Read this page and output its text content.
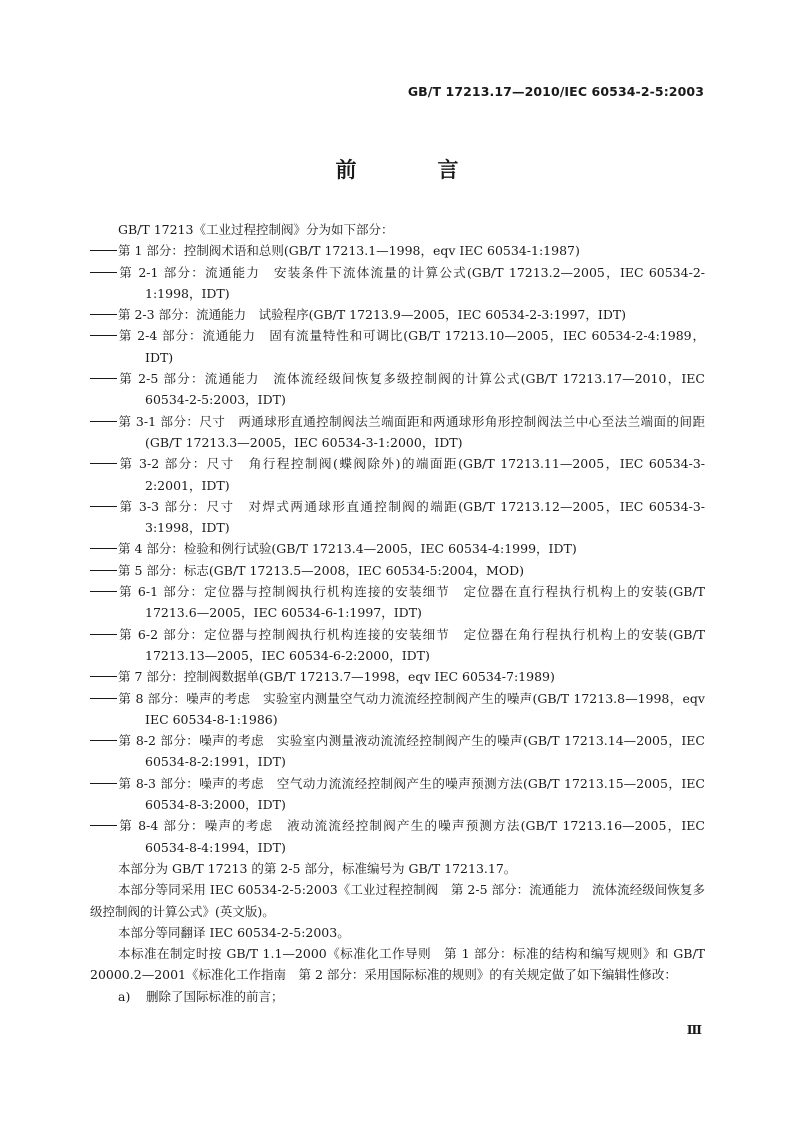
GB/T 17213.17—2010/IEC 60534-2-5:2003
前　言

GB/T 17213《工业过程控制阀》分为如下部分：

第 1 部分：控制阀术语和总则(GB/T 17213.1—1998，eqv IEC 60534-1:1987)

第 2-1 部分：流通能力　安装条件下流体流量的计算公式(GB/T 17213.2—2005，IEC 60534-2-1:1998，IDT)

第 2-3 部分：流通能力　试验程序(GB/T 17213.9—2005，IEC 60534-2-3:1997，IDT)

第 2-4 部分：流通能力　固有流量特性和可调比(GB/T 17213.10—2005，IEC 60534-2-4:1989，IDT)

第 2-5 部分：流通能力　流体流经级间恢复多级控制阀的计算公式(GB/T 17213.17—2010，IEC 60534-2-5:2003，IDT)

第 3-1 部分：尺寸　两通球形直通控制阀法兰端面距和两通球形角形控制阀法兰中心至法兰端面的间距(GB/T 17213.3—2005，IEC 60534-3-1:2000，IDT)

第 3-2 部分：尺寸　角行程控制阀(蝶阀除外)的端面距(GB/T 17213.11—2005，IEC 60534-3-2:2001，IDT)

第 3-3 部分：尺寸　对焊式两通球形直通控制阀的端距(GB/T 17213.12—2005，IEC 60534-3-3:1998，IDT)

第 4 部分：检验和例行试验(GB/T 17213.4—2005，IEC 60534-4:1999，IDT)

第 5 部分：标志(GB/T 17213.5—2008，IEC 60534-5:2004，MOD)

第 6-1 部分：定位器与控制阀执行机构连接的安装细节　定位器在直行程执行机构上的安装(GB/T 17213.6—2005，IEC 60534-6-1:1997，IDT)

第 6-2 部分：定位器与控制阀执行机构连接的安装细节　定位器在角行程执行机构上的安装(GB/T 17213.13—2005，IEC 60534-6-2:2000，IDT)

第 7 部分：控制阀数据单(GB/T 17213.7—1998，eqv IEC 60534-7:1989)

第 8 部分：噪声的考虑　实验室内测量空气动力流流经控制阀产生的噪声(GB/T 17213.8—1998，eqv IEC 60534-8-1:1986)

第 8-2 部分：噪声的考虑　实验室内测量液动流流经控制阀产生的噪声(GB/T 17213.14—2005，IEC 60534-8-2:1991，IDT)

第 8-3 部分：噪声的考虑　空气动力流流经控制阀产生的噪声预测方法(GB/T 17213.15—2005，IEC 60534-8-3:2000，IDT)

第 8-4 部分：噪声的考虑　液动流流经控制阀产生的噪声预测方法(GB/T 17213.16—2005，IEC 60534-8-4:1994，IDT)

本部分为 GB/T 17213 的第 2-5 部分，标准编号为 GB/T 17213.17。

本部分等同采用 IEC 60534-2-5:2003《工业过程控制阀　第 2-5 部分：流通能力　流体流经级间恢复多级控制阀的计算公式》(英文版)。

本部分等同翻译 IEC 60534-2-5:2003。

本标准在制定时按 GB/T 1.1—2000《标准化工作导则　第 1 部分：标准的结构和编写规则》和 GB/T 20000.2—2001《标准化工作指南　第 2 部分：采用国际标准的规则》的有关规定做了如下编辑性修改：

a) 删除了国际标准的前言；

Ⅲ
